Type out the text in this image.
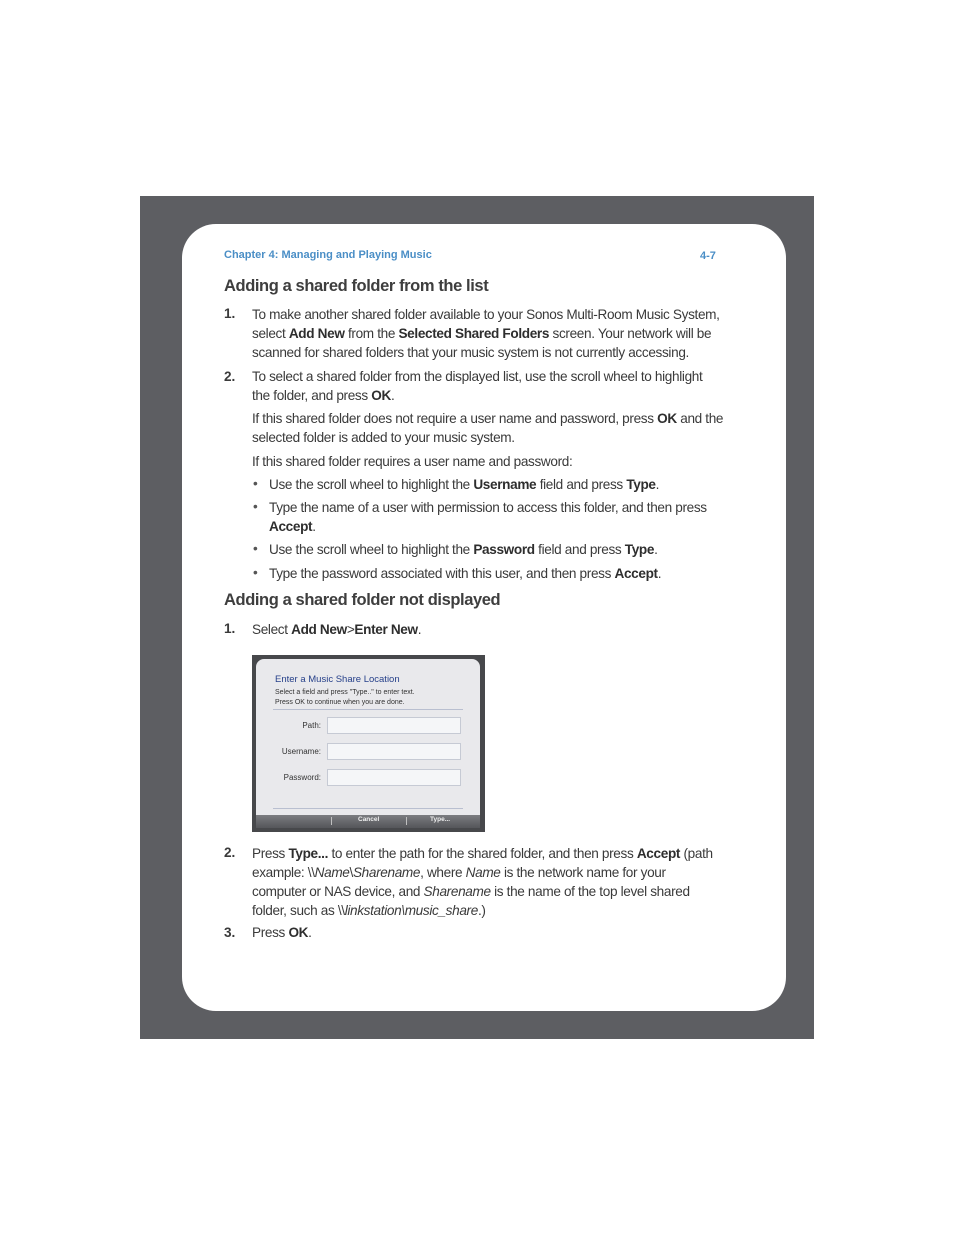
Chapter 4: Managing and Playing Music	4-7
Adding a shared folder from the list
1. To make another shared folder available to your Sonos Multi-Room Music System,
select Add New from the Selected Shared Folders screen. Your network will be
scanned for shared folders that your music system is not currently accessing.
2. To select a shared folder from the displayed list, use the scroll wheel to highlight
the folder, and press OK.
If this shared folder does not require a user name and password, press OK and the
selected folder is added to your music system.
If this shared folder requires a user name and password:
• Use the scroll wheel to highlight the Username field and press Type.
• Type the name of a user with permission to access this folder, and then press
Accept.
• Use the scroll wheel to highlight the Password field and press Type.
• Type the password associated with this user, and then press Accept.
Adding a shared folder not displayed
1. Select Add New>Enter New.
Enter a Music Share Location
Select a field and press "Type.." to enter text.
Press OK to continue when you are done.
Path:
Username:
Password:
Cancel	Type...
2. Press Type... to enter the path for the shared folder, and then press Accept (path
example: \\Name\Sharename, where Name is the network name for your
computer or NAS device, and Sharename is the name of the top level shared
folder, such as \\linkstation\music_share.)
3. Press OK.
